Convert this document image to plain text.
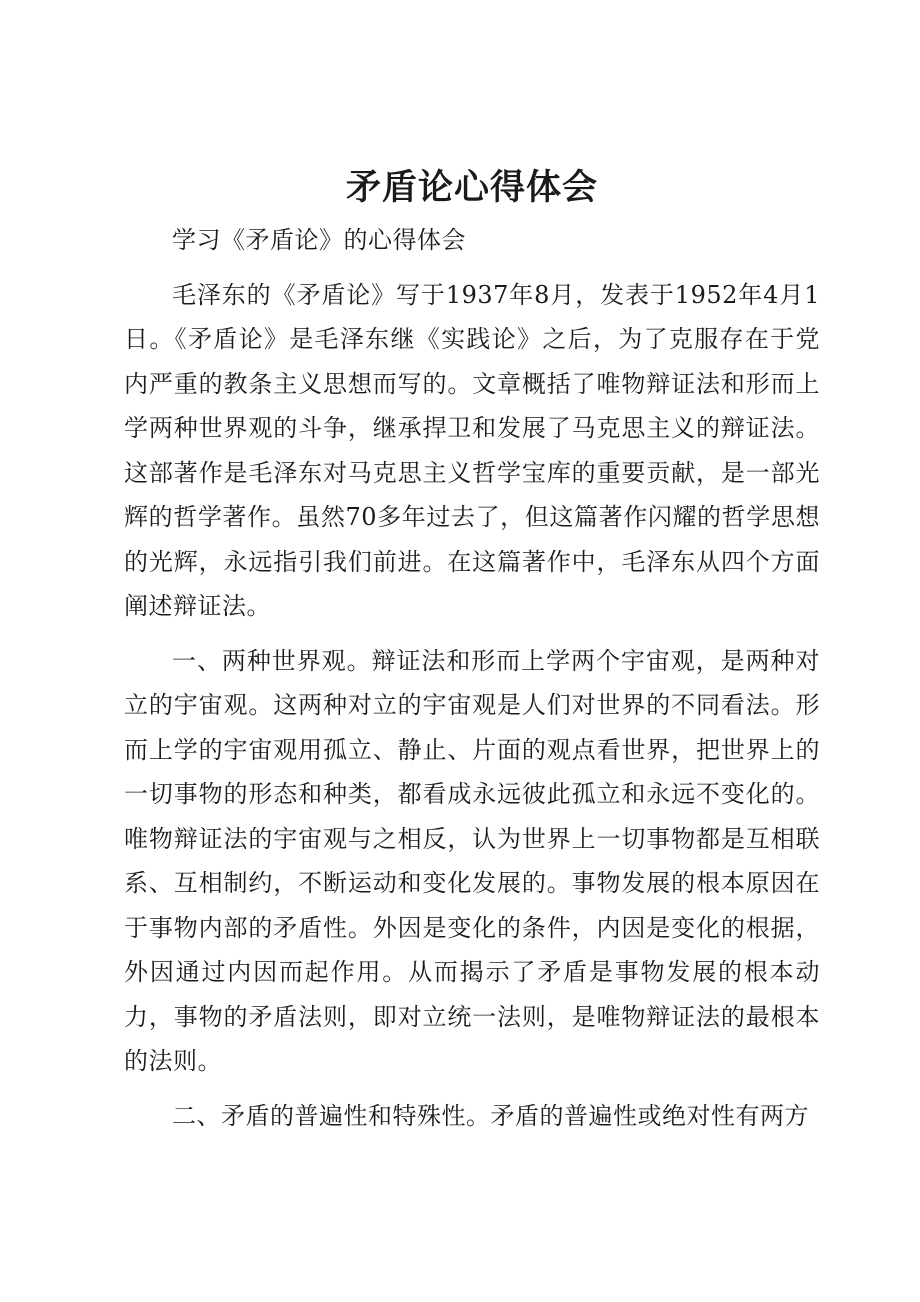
矛盾论心得体会

学习《矛盾论》的心得体会

毛泽东的《矛盾论》写于1937年8月，发表于1952年4月1日。《矛盾论》是毛泽东继《实践论》之后，为了克服存在于党内严重的教条主义思想而写的。文章概括了唯物辩证法和形而上学两种世界观的斗争，继承捍卫和发展了马克思主义的辩证法。这部著作是毛泽东对马克思主义哲学宝库的重要贡献，是一部光辉的哲学著作。虽然70多年过去了，但这篇著作闪耀的哲学思想的光辉，永远指引我们前进。在这篇著作中，毛泽东从四个方面阐述辩证法。

一、两种世界观。辩证法和形而上学两个宇宙观，是两种对立的宇宙观。这两种对立的宇宙观是人们对世界的不同看法。形而上学的宇宙观用孤立、静止、片面的观点看世界，把世界上的一切事物的形态和种类，都看成永远彼此孤立和永远不变化的。唯物辩证法的宇宙观与之相反，认为世界上一切事物都是互相联系、互相制约，不断运动和变化发展的。事物发展的根本原因在于事物内部的矛盾性。外因是变化的条件，内因是变化的根据，外因通过内因而起作用。从而揭示了矛盾是事物发展的根本动力，事物的矛盾法则，即对立统一法则，是唯物辩证法的最根本的法则。

二、矛盾的普遍性和特殊性。矛盾的普遍性或绝对性有两方
